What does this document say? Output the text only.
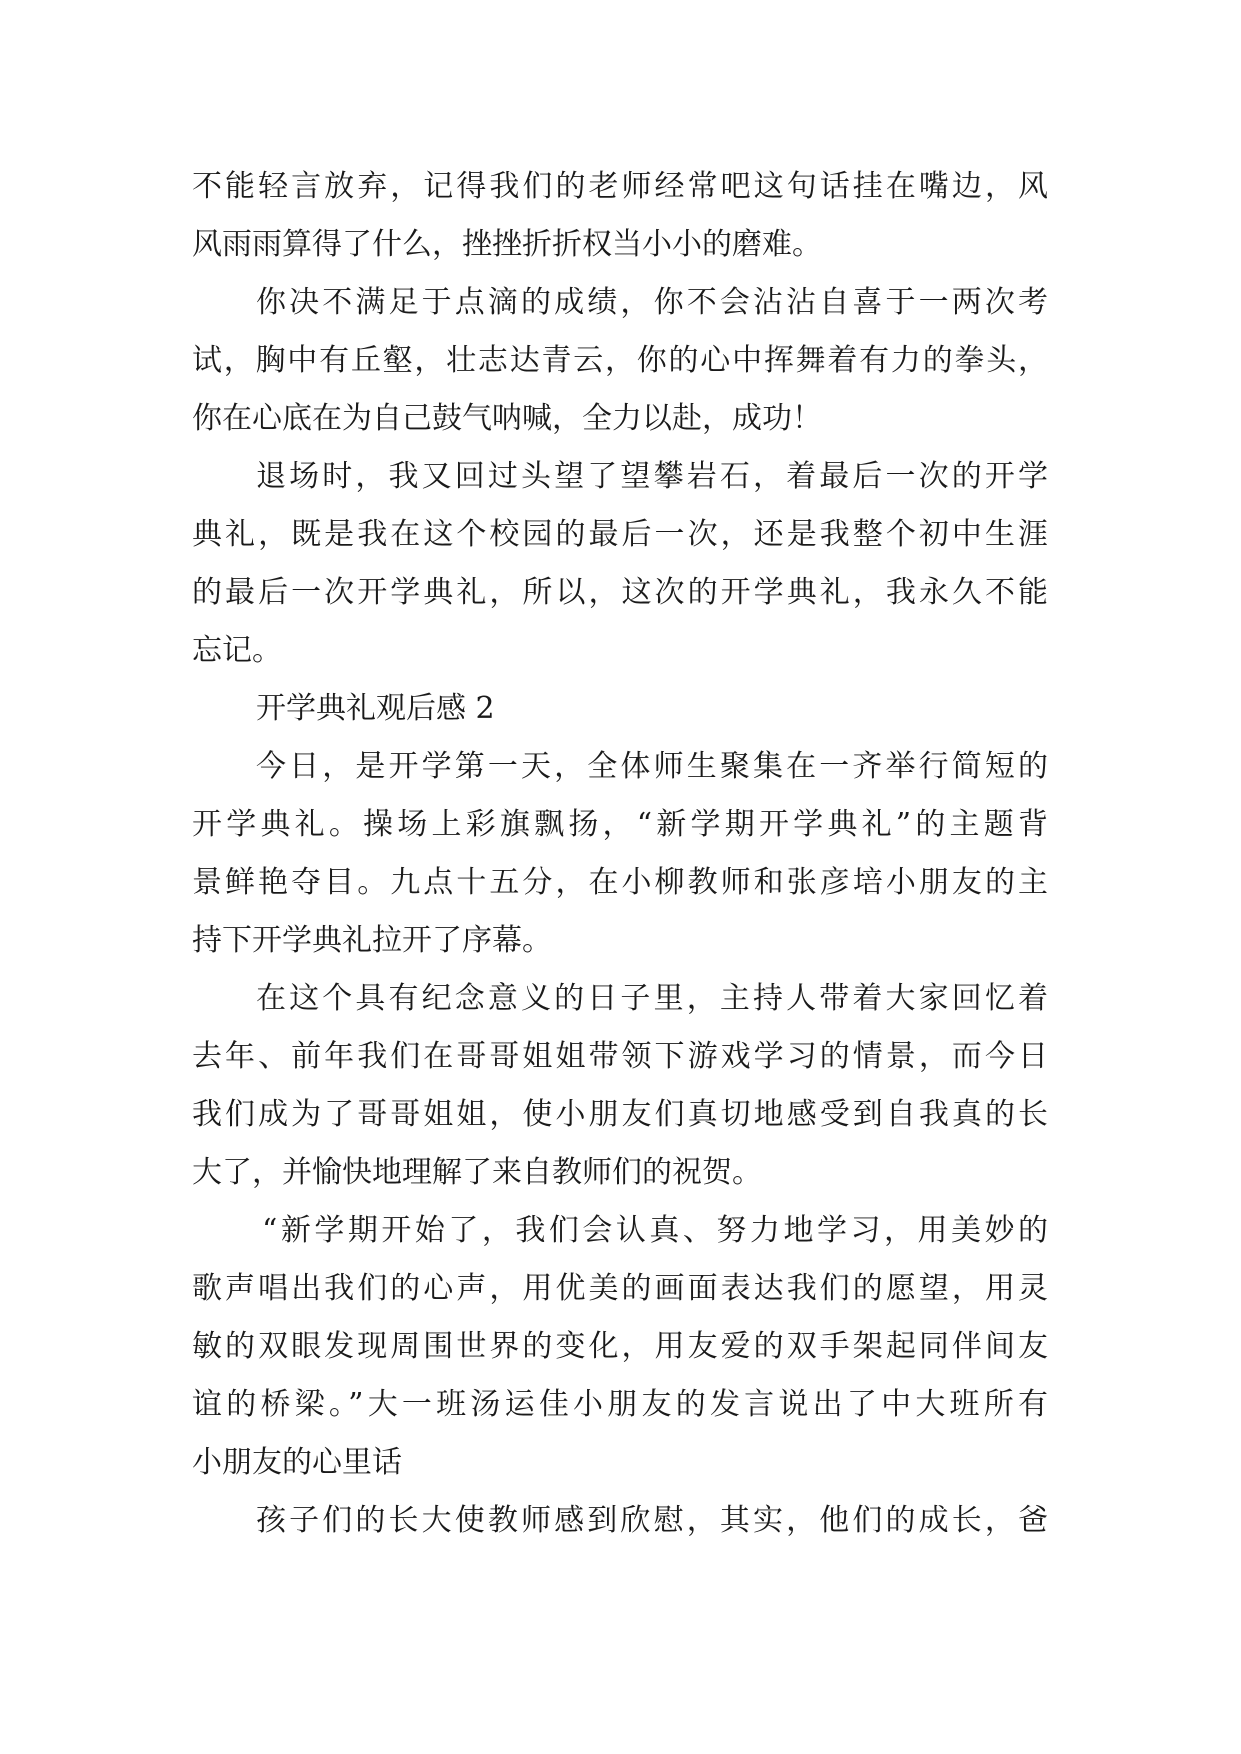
不能轻言放弃，记得我们的老师经常吧这句话挂在嘴边，风
风雨雨算得了什么，挫挫折折权当小小的磨难。
你决不满足于点滴的成绩，你不会沾沾自喜于一两次考
试，胸中有丘壑，壮志达青云，你的心中挥舞着有力的拳头，
你在心底在为自己鼓气呐喊，全力以赴，成功！
退场时，我又回过头望了望攀岩石，着最后一次的开学
典礼，既是我在这个校园的最后一次，还是我整个初中生涯
的最后一次开学典礼，所以，这次的开学典礼，我永久不能
忘记。
开学典礼观后感 2
今日，是开学第一天，全体师生聚集在一齐举行简短的
开学典礼。操场上彩旗飘扬，“新学期开学典礼”的主题背
景鲜艳夺目。九点十五分，在小柳教师和张彦培小朋友的主
持下开学典礼拉开了序幕。
在这个具有纪念意义的日子里，主持人带着大家回忆着
去年、前年我们在哥哥姐姐带领下游戏学习的情景，而今日
我们成为了哥哥姐姐，使小朋友们真切地感受到自我真的长
大了，并愉快地理解了来自教师们的祝贺。
“新学期开始了，我们会认真、努力地学习，用美妙的
歌声唱出我们的心声，用优美的画面表达我们的愿望，用灵
敏的双眼发现周围世界的变化，用友爱的双手架起同伴间友
谊的桥梁。”大一班汤运佳小朋友的发言说出了中大班所有
小朋友的心里话
孩子们的长大使教师感到欣慰，其实，他们的成长，爸
